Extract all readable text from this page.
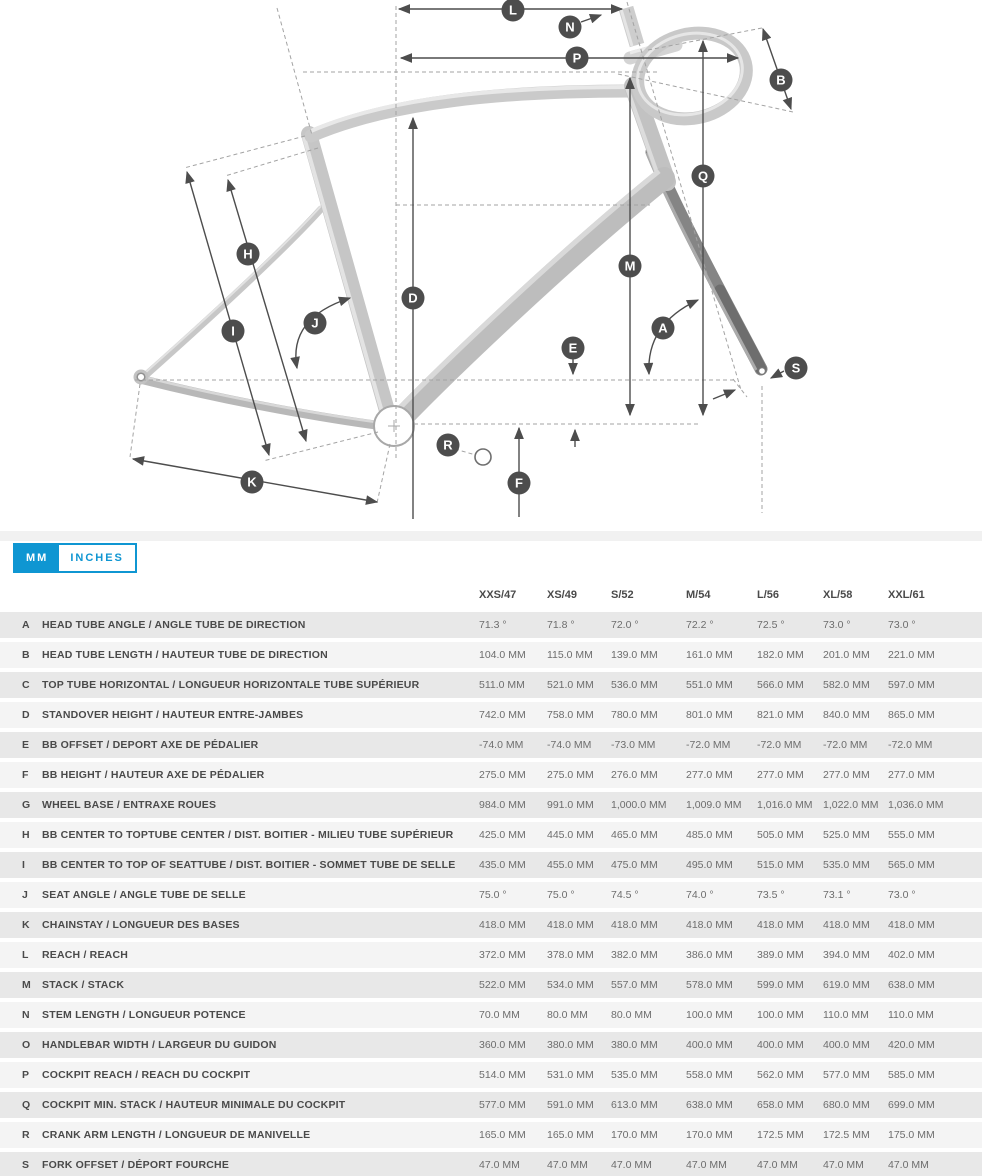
L
N
P
B
Q
H
I
J
D
M
E
A
S
R
K	F
MM	INCHES
XXS/47	XS/49	S/52	M/54	L/56	XL/58	XXL/61
A	HEAD TUBE ANGLE / ANGLE TUBE DE DIRECTION	71.3 °	71.8 °	72.0 °	72.2 °	72.5 °	73.0 °	73.0 °
B	HEAD TUBE LENGTH / HAUTEUR TUBE DE DIRECTION	104.0 MM	115.0 MM	139.0 MM	161.0 MM	182.0 MM	201.0 MM	221.0 MM
C	TOP TUBE HORIZONTAL / LONGUEUR HORIZONTALE TUBE SUPÉRIEUR	511.0 MM	521.0 MM	536.0 MM	551.0 MM	566.0 MM	582.0 MM	597.0 MM
D	STANDOVER HEIGHT / HAUTEUR ENTRE-JAMBES	742.0 MM	758.0 MM	780.0 MM	801.0 MM	821.0 MM	840.0 MM	865.0 MM
E	BB OFFSET / DEPORT AXE DE PÉDALIER	-74.0 MM	-74.0 MM	-73.0 MM	-72.0 MM	-72.0 MM	-72.0 MM	-72.0 MM
F	BB HEIGHT / HAUTEUR AXE DE PÉDALIER	275.0 MM	275.0 MM	276.0 MM	277.0 MM	277.0 MM	277.0 MM	277.0 MM
G	WHEEL BASE / ENTRAXE ROUES	984.0 MM	991.0 MM	1,000.0 MM	1,009.0 MM	1,016.0 MM	1,022.0 MM 1,036.0 MM
H	BB CENTER TO TOPTUBE CENTER / DIST. BOITIER - MILIEU TUBE SUPÉRIEUR	425.0 MM	445.0 MM	465.0 MM	485.0 MM	505.0 MM	525.0 MM	555.0 MM
I	BB CENTER TO TOP OF SEATTUBE / DIST. BOITIER - SOMMET TUBE DE SELLE	435.0 MM	455.0 MM	475.0 MM	495.0 MM	515.0 MM	535.0 MM	565.0 MM
J	SEAT ANGLE / ANGLE TUBE DE SELLE	75.0 °	75.0 °	74.5 °	74.0 °	73.5 °	73.1 °	73.0 °
K	CHAINSTAY / LONGUEUR DES BASES	418.0 MM	418.0 MM	418.0 MM	418.0 MM	418.0 MM	418.0 MM	418.0 MM
L	REACH / REACH	372.0 MM	378.0 MM	382.0 MM	386.0 MM	389.0 MM	394.0 MM	402.0 MM
M	STACK / STACK	522.0 MM	534.0 MM	557.0 MM	578.0 MM	599.0 MM	619.0 MM	638.0 MM
N	STEM LENGTH / LONGUEUR POTENCE	70.0 MM	80.0 MM	80.0 MM	100.0 MM	100.0 MM	110.0 MM	110.0 MM
O	HANDLEBAR WIDTH / LARGEUR DU GUIDON	360.0 MM	380.0 MM	380.0 MM	400.0 MM	400.0 MM	400.0 MM	420.0 MM
P	COCKPIT REACH / REACH DU COCKPIT	514.0 MM	531.0 MM	535.0 MM	558.0 MM	562.0 MM	577.0 MM	585.0 MM
Q	COCKPIT MIN. STACK / HAUTEUR MINIMALE DU COCKPIT	577.0 MM	591.0 MM	613.0 MM	638.0 MM	658.0 MM	680.0 MM	699.0 MM
R	CRANK ARM LENGTH / LONGUEUR DE MANIVELLE	165.0 MM	165.0 MM	170.0 MM	170.0 MM	172.5 MM	172.5 MM	175.0 MM
S	FORK OFFSET / DÉPORT FOURCHE	47.0 MM	47.0 MM	47.0 MM	47.0 MM	47.0 MM	47.0 MM	47.0 MM
